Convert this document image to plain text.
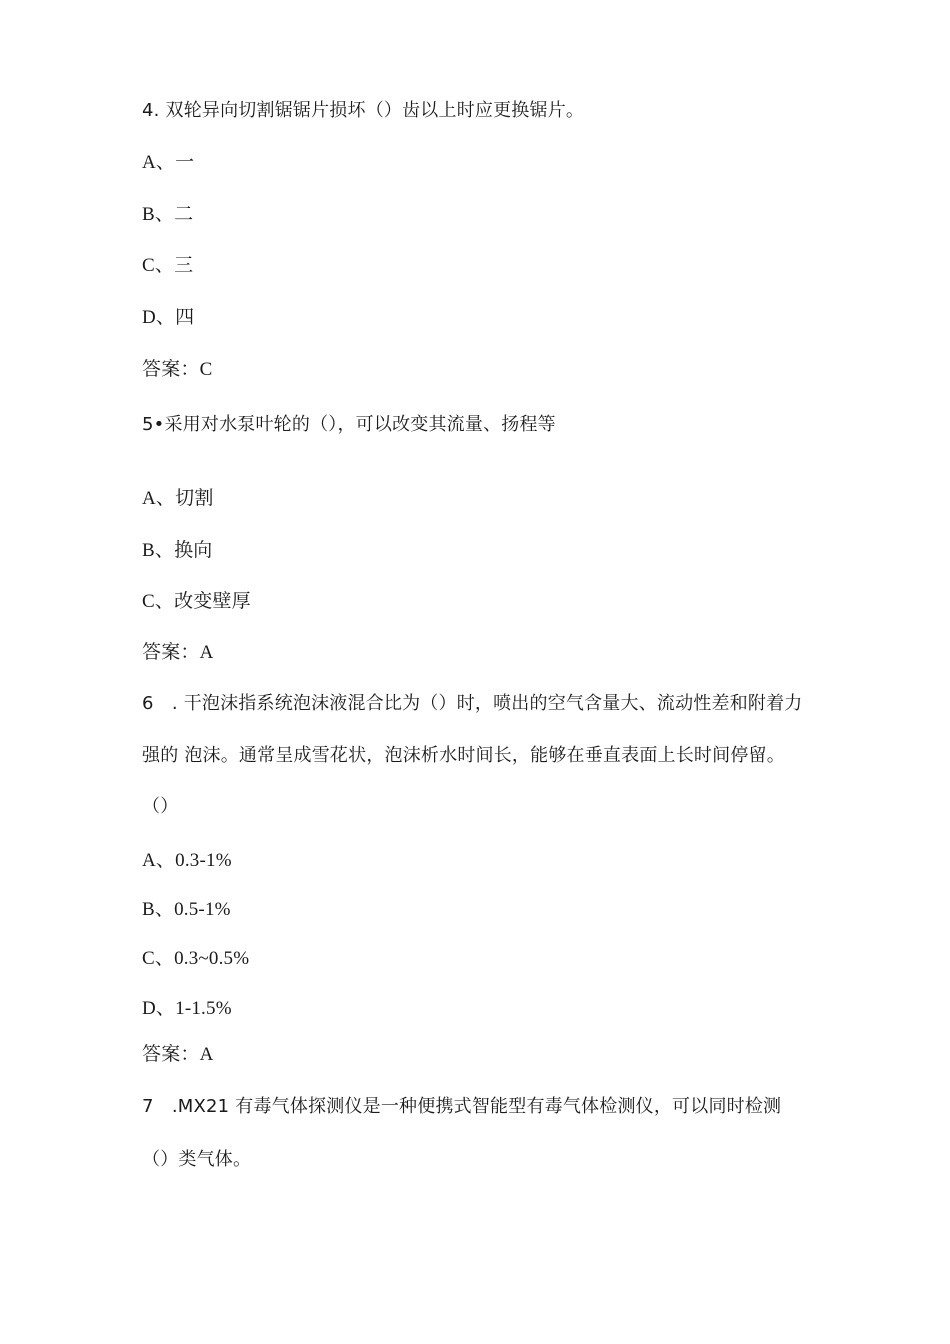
4. 双轮异向切割锯锯片损坏（）齿以上时应更换锯片。
A、一
B、二
C、三
D、四
答案：C
5•采用对水泵叶轮的（），可以改变其流量、扬程等
A、切割
B、换向
C、改变壁厚
答案：A
6　. 干泡沫指系统泡沫液混合比为（）时，喷出的空气含量大、流动性差和附着力
强的 泡沫。通常呈成雪花状，泡沫析水时间长，能够在垂直表面上长时间停留。
（）
A、0.3-1%
B、0.5-1%
C、0.3~0.5%
D、1-1.5%
答案：A
7　.MX21 有毒气体探测仪是一种便携式智能型有毒气体检测仪，可以同时检测
（）类气体。
